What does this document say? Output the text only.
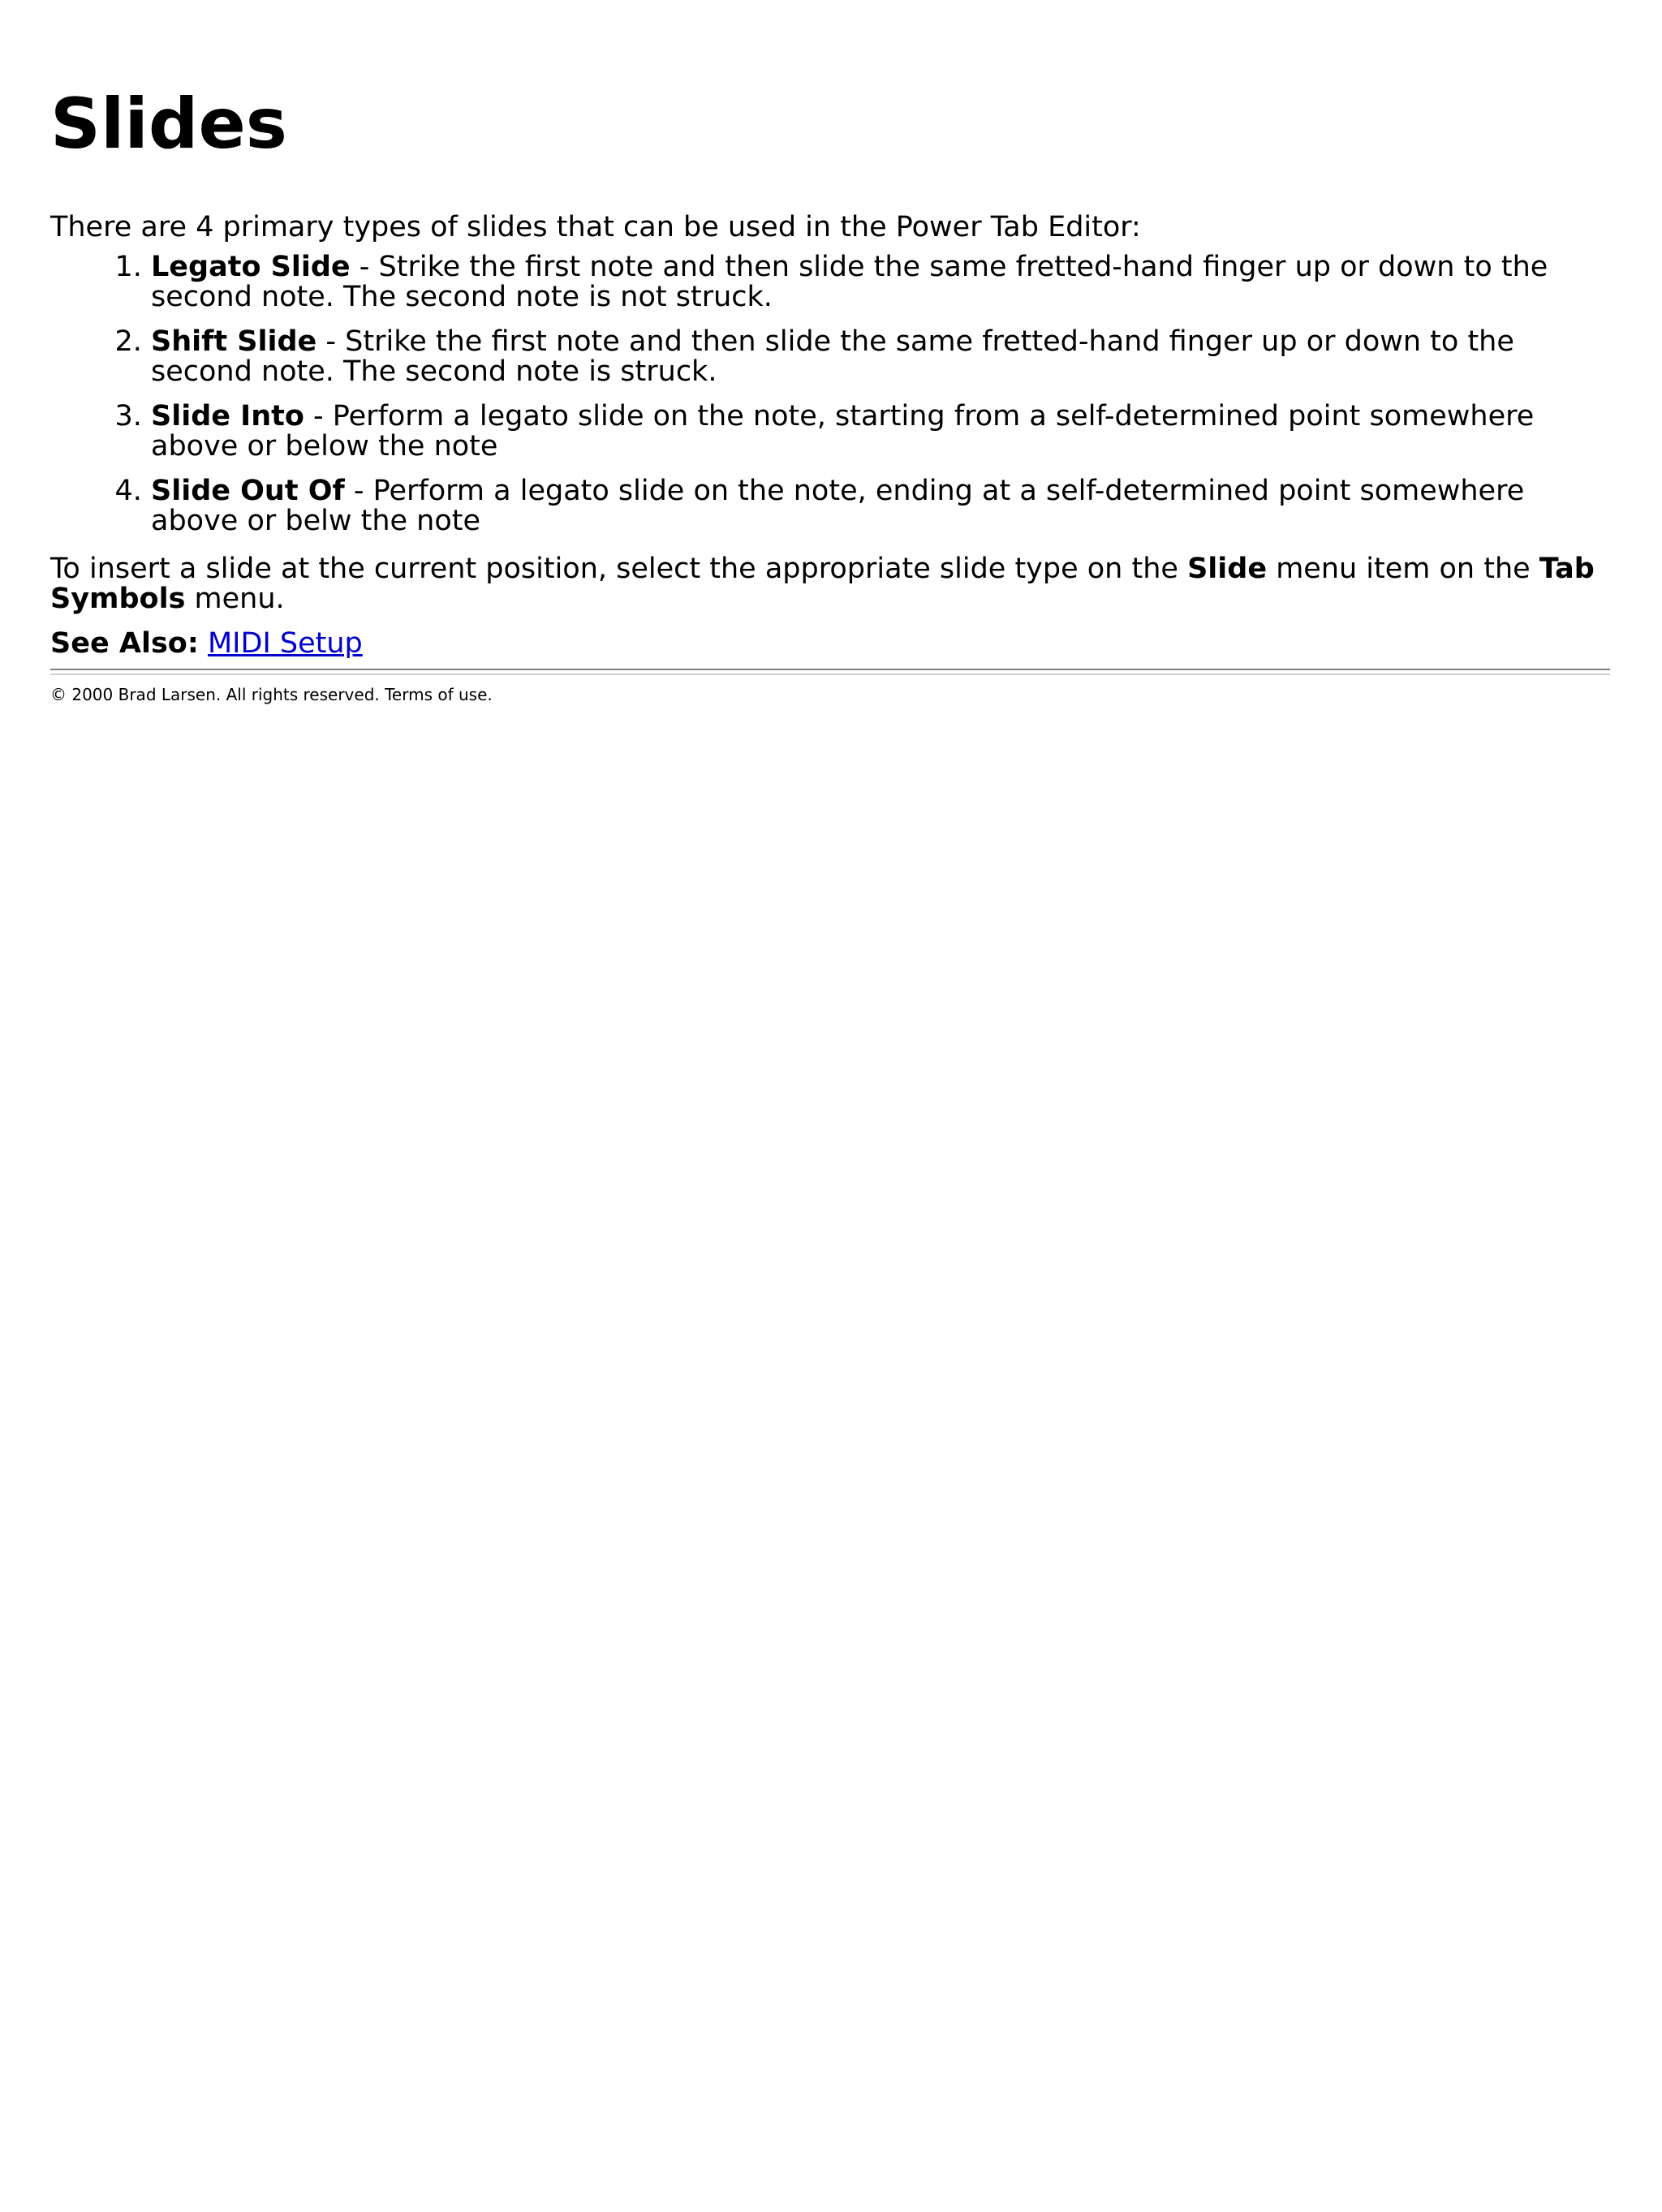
Slides

There are 4 primary types of slides that can be used in the Power Tab Editor:

1. Legato Slide - Strike the first note and then slide the same fretted-hand finger up or down to the second note. The second note is not struck.
2. Shift Slide - Strike the first note and then slide the same fretted-hand finger up or down to the second note. The second note is struck.
3. Slide Into - Perform a legato slide on the note, starting from a self-determined point somewhere above or below the note
4. Slide Out Of - Perform a legato slide on the note, ending at a self-determined point somewhere above or belw the note

To insert a slide at the current position, select the appropriate slide type on the Slide menu item on the Tab Symbols menu.

See Also: MIDI Setup

© 2000 Brad Larsen. All rights reserved. Terms of use.
